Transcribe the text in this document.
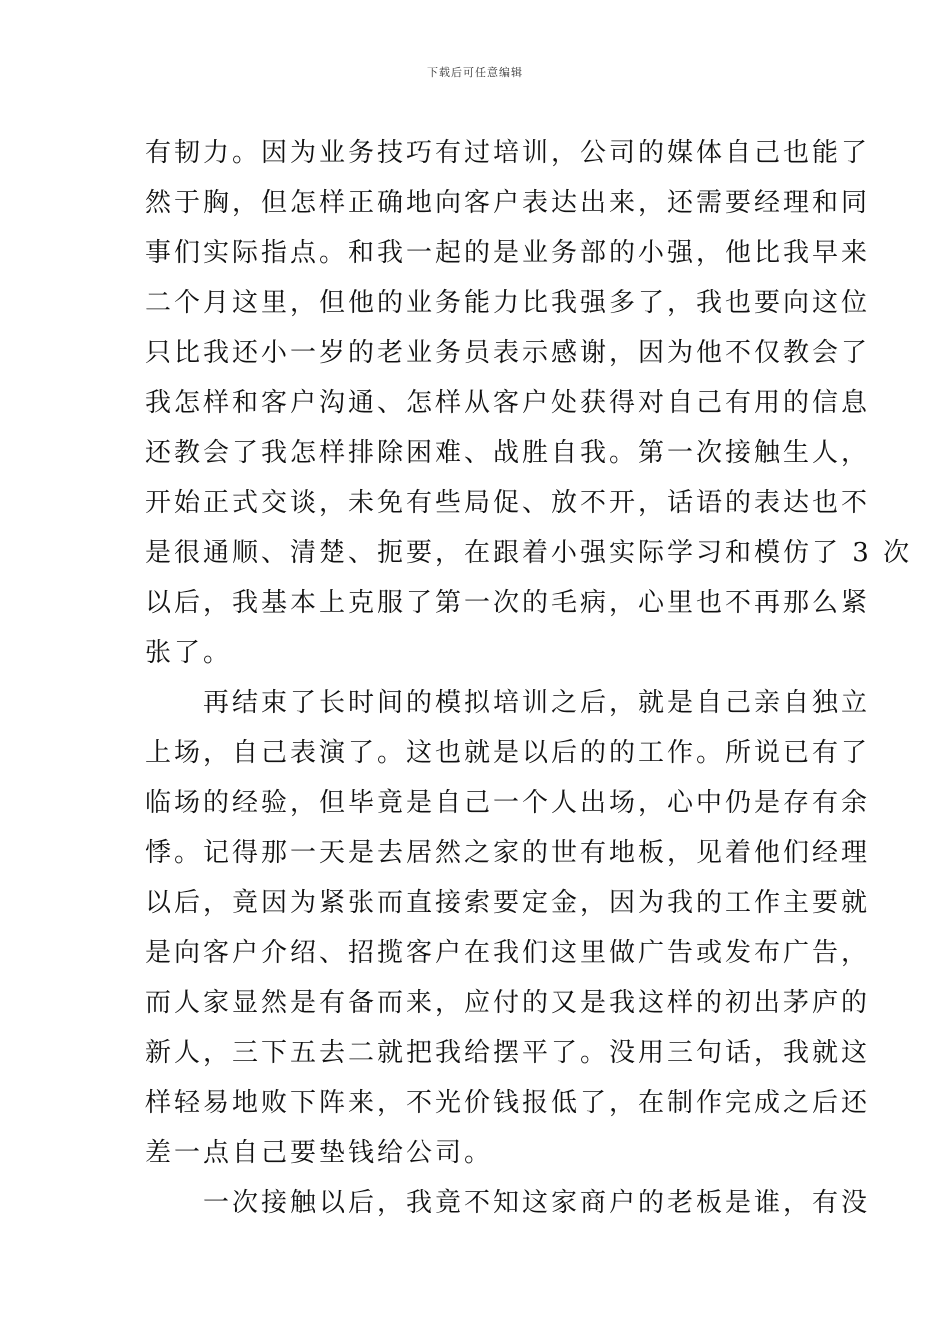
下载后可任意编辑
有韧力。因为业务技巧有过培训，公司的媒体自己也能了
然于胸，但怎样正确地向客户表达出来，还需要经理和同
事们实际指点。和我一起的是业务部的小强，他比我早来
二个月这里，但他的业务能力比我强多了，我也要向这位
只比我还小一岁的老业务员表示感谢，因为他不仅教会了
我怎样和客户沟通、怎样从客户处获得对自己有用的信息
还教会了我怎样排除困难、战胜自我。第一次接触生人，
开始正式交谈，未免有些局促、放不开，话语的表达也不
是很通顺、清楚、扼要，在跟着小强实际学习和模仿了 3 次
以后，我基本上克服了第一次的毛病，心里也不再那么紧
张了。
　　再结束了长时间的模拟培训之后，就是自己亲自独立
上场，自己表演了。这也就是以后的的工作。所说已有了
临场的经验，但毕竟是自己一个人出场，心中仍是存有余
悸。记得那一天是去居然之家的世有地板，见着他们经理
以后，竟因为紧张而直接索要定金，因为我的工作主要就
是向客户介绍、招揽客户在我们这里做广告或发布广告，
而人家显然是有备而来，应付的又是我这样的初出茅庐的
新人，三下五去二就把我给摆平了。没用三句话，我就这
样轻易地败下阵来，不光价钱报低了，在制作完成之后还
差一点自己要垫钱给公司。
　　一次接触以后，我竟不知这家商户的老板是谁，有没
